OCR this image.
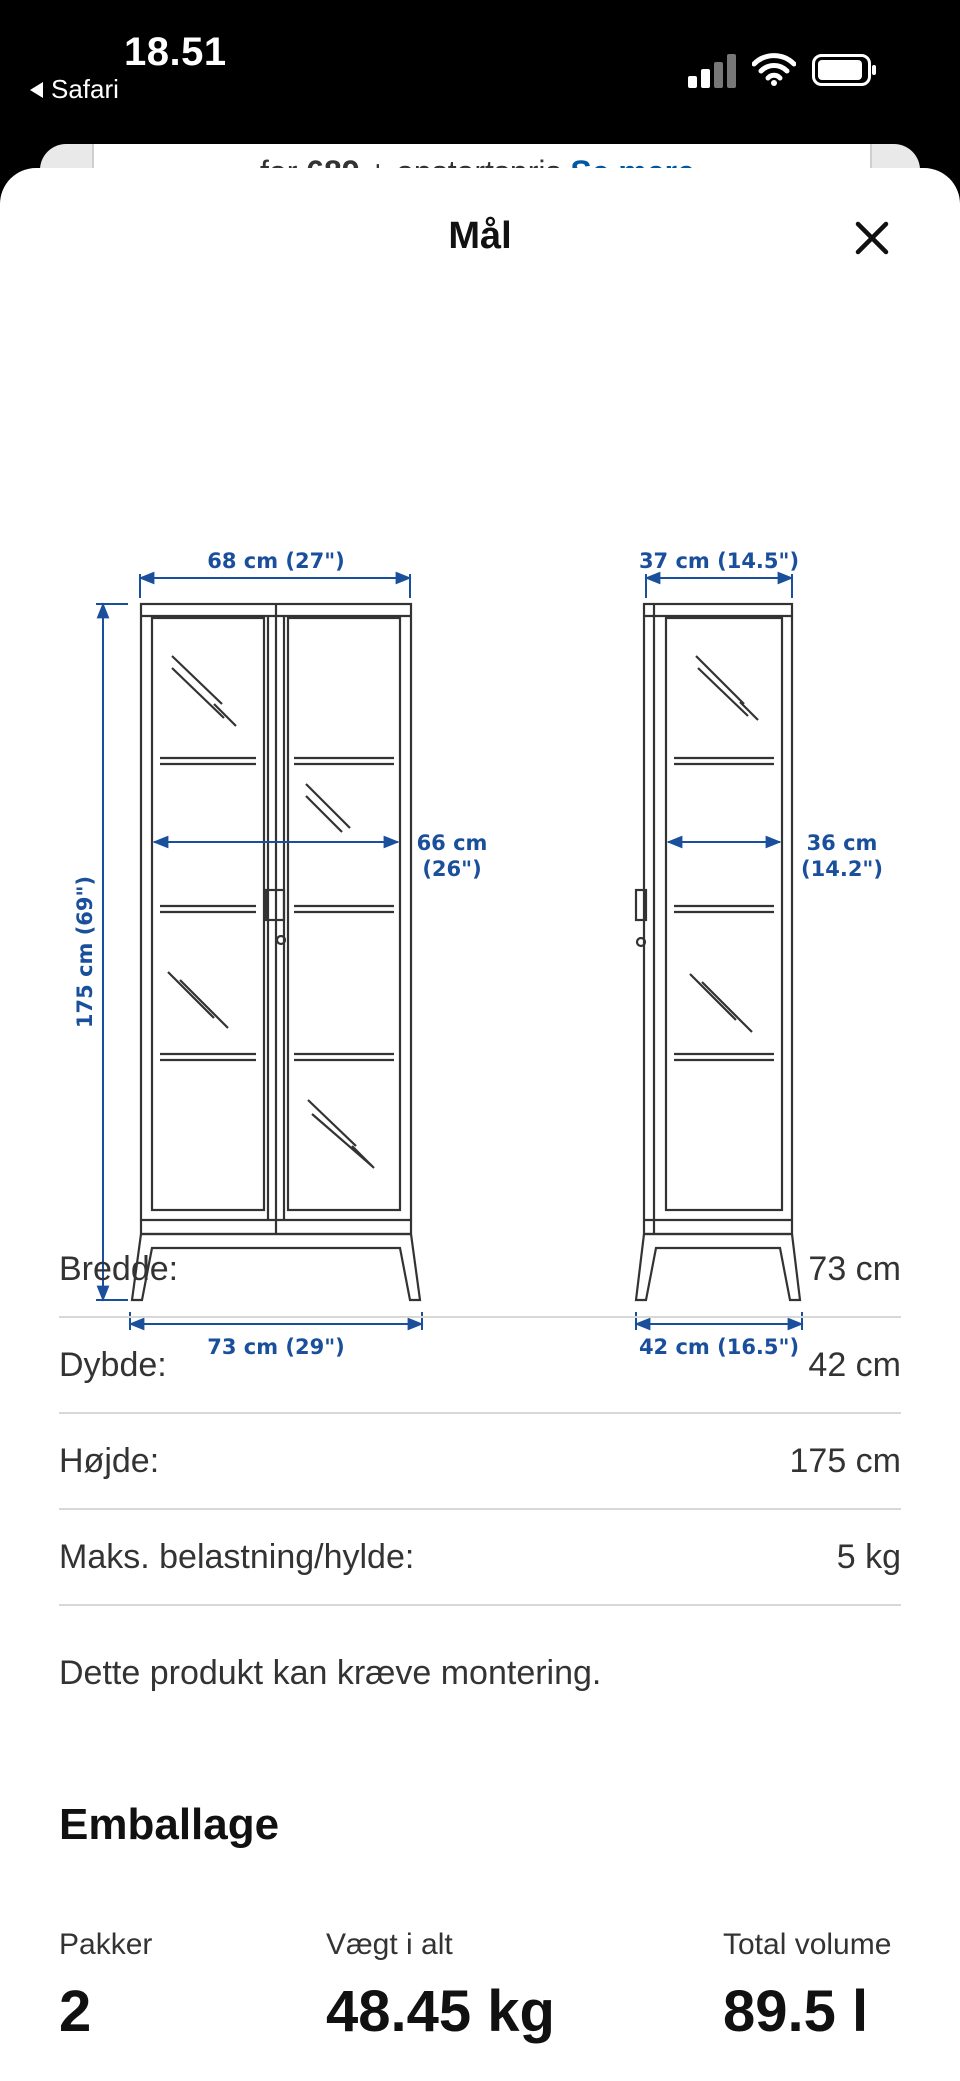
18.51
Safari
Mål
68 cm (27")
175 cm (69")
66 cm
(26")
73 cm (29")
37 cm (14.5")
36 cm
(14.2")
42 cm (16.5")
Bredde:	73 cm
Dybde:	42 cm
Højde:	175 cm
Maks. belastning/hylde:	5 kg
Dette produkt kan kræve montering.
Emballage
Pakker
2
Vægt i alt
48.45 kg
Total volume
89.5 l
